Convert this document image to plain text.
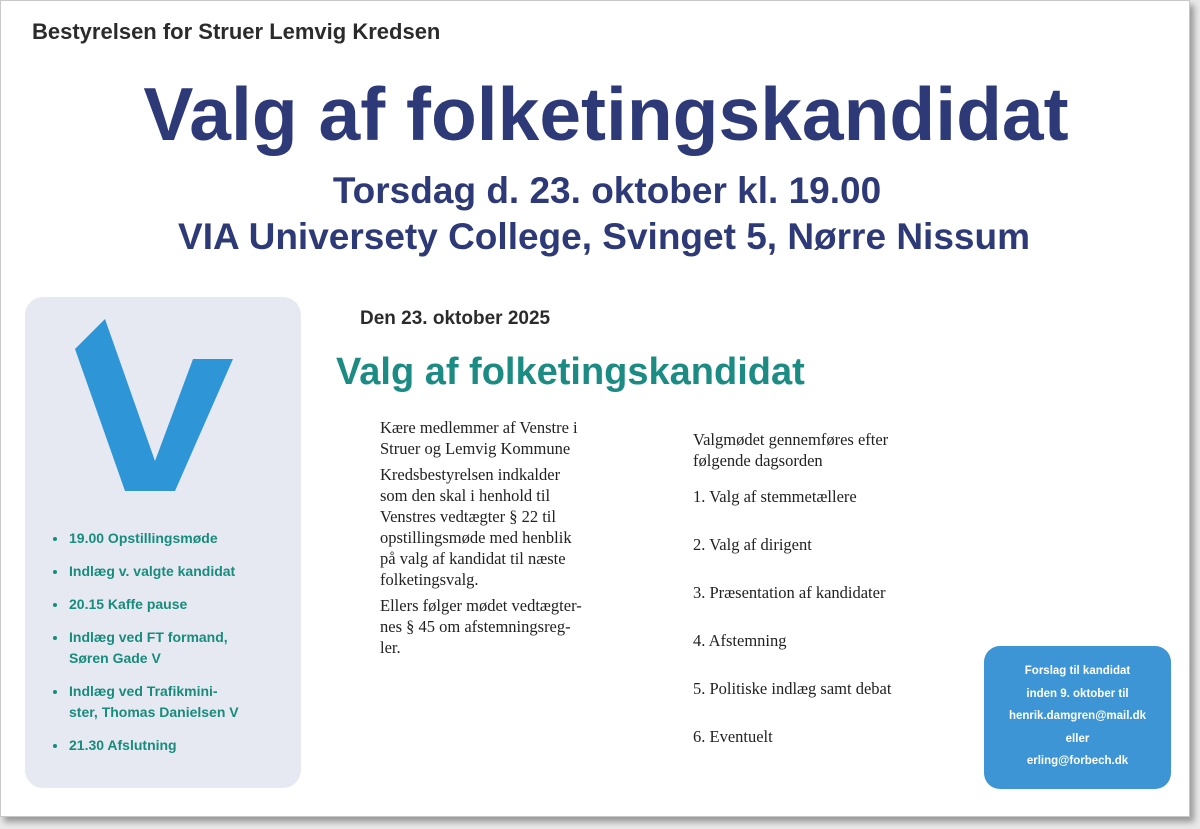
Bestyrelsen for Struer Lemvig Kredsen
Valg af folketingskandidat
Torsdag d. 23. oktober kl. 19.00
VIA Universety College, Svinget 5, Nørre Nissum
19.00 Opstillingsmøde
Indlæg v. valgte kandidat
20.15 Kaffe pause
Indlæg ved FT formand,
Søren Gade V
Indlæg ved Trafikmini-
ster, Thomas Danielsen V
21.30 Afslutning
Den 23. oktober 2025
Valg af folketingskandidat

Kære medlemmer af Venstre i
Struer og Lemvig Kommune

Kredsbestyrelsen indkalder
som den skal i henhold til
Venstres vedtægter § 22 til
opstillingsmøde med henblik
på valg af kandidat til næste
folketingsvalg.

Ellers følger mødet vedtægter-
nes § 45 om afstemningsreg-
ler.

Valgmødet gennemføres efter
følgende dagsorden
1. Valg af stemmetællere
2. Valg af dirigent
3. Præsentation af kandidater
4. Afstemning
5. Politiske indlæg samt debat
6. Eventuelt
Forslag til kandidat
inden 9. oktober til
henrik.damgren@mail.dk
eller
erling@forbech.dk
